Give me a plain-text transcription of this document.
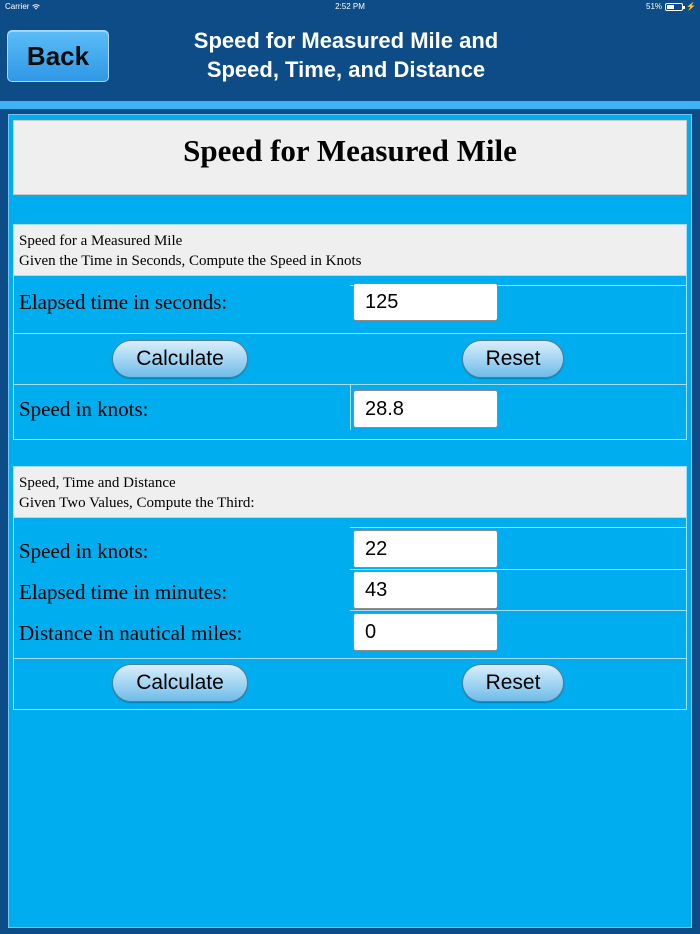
Carrier	2:52 PM	51%	⚡
Back	Speed for Measured Mile and
Speed, Time, and Distance
Speed for Measured Mile
Speed for a Measured Mile
Given the Time in Seconds, Compute the Speed in Knots
Elapsed time in seconds:	125
Calculate	Reset
Speed in knots:	28.8
Speed, Time and Distance
Given Two Values, Compute the Third:
Speed in knots:	22
Elapsed time in minutes:	43
Distance in nautical miles:	0
Calculate	Reset
